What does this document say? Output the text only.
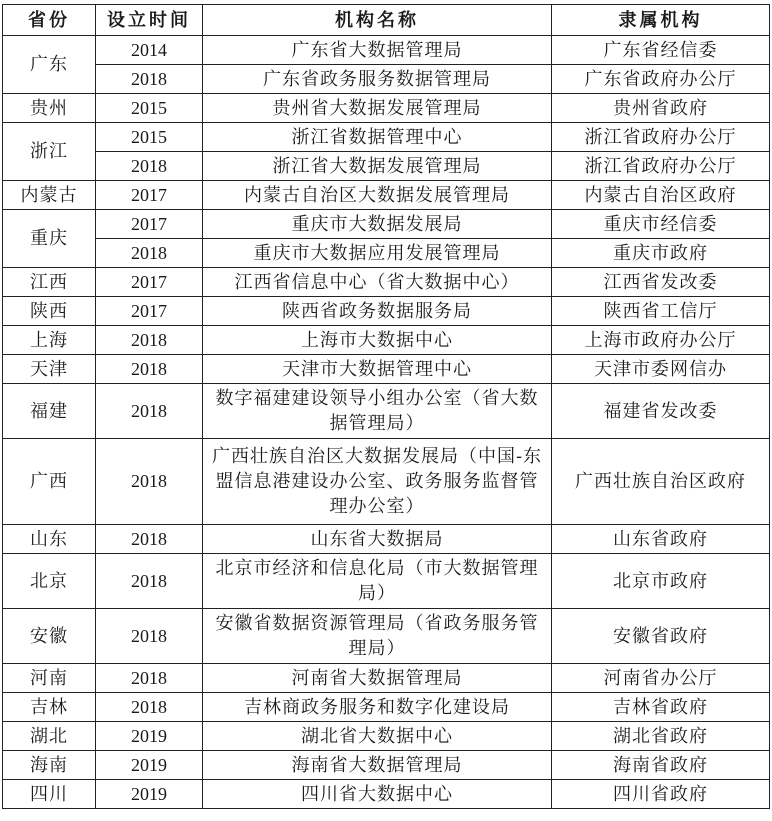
省份	设立时间	机构名称	隶属机构
广东	2014	广东省大数据管理局	广东省经信委
	2018	广东省政务服务数据管理局	广东省政府办公厅
贵州	2015	贵州省大数据发展管理局	贵州省政府
浙江	2015	浙江省数据管理中心	浙江省政府办公厅
	2018	浙江省大数据发展管理局	浙江省政府办公厅
内蒙古	2017	内蒙古自治区大数据发展管理局	内蒙古自治区政府
重庆	2017	重庆市大数据发展局	重庆市经信委
	2018	重庆市大数据应用发展管理局	重庆市政府
江西	2017	江西省信息中心（省大数据中心）	江西省发改委
陕西	2017	陕西省政务数据服务局	陕西省工信厅
上海	2018	上海市大数据中心	上海市政府办公厅
天津	2018	天津市大数据管理中心	天津市委网信办
福建	2018	数字福建建设领导小组办公室（省大数据管理局）	福建省发改委
广西	2018	广西壮族自治区大数据发展局（中国-东盟信息港建设办公室、政务服务监督管理办公室）	广西壮族自治区政府
山东	2018	山东省大数据局	山东省政府
北京	2018	北京市经济和信息化局（市大数据管理局）	北京市政府
安徽	2018	安徽省数据资源管理局（省政务服务管理局）	安徽省政府
河南	2018	河南省大数据管理局	河南省办公厅
吉林	2018	吉林商政务服务和数字化建设局	吉林省政府
湖北	2019	湖北省大数据中心	湖北省政府
海南	2019	海南省大数据管理局	海南省政府
四川	2019	四川省大数据中心	四川省政府
